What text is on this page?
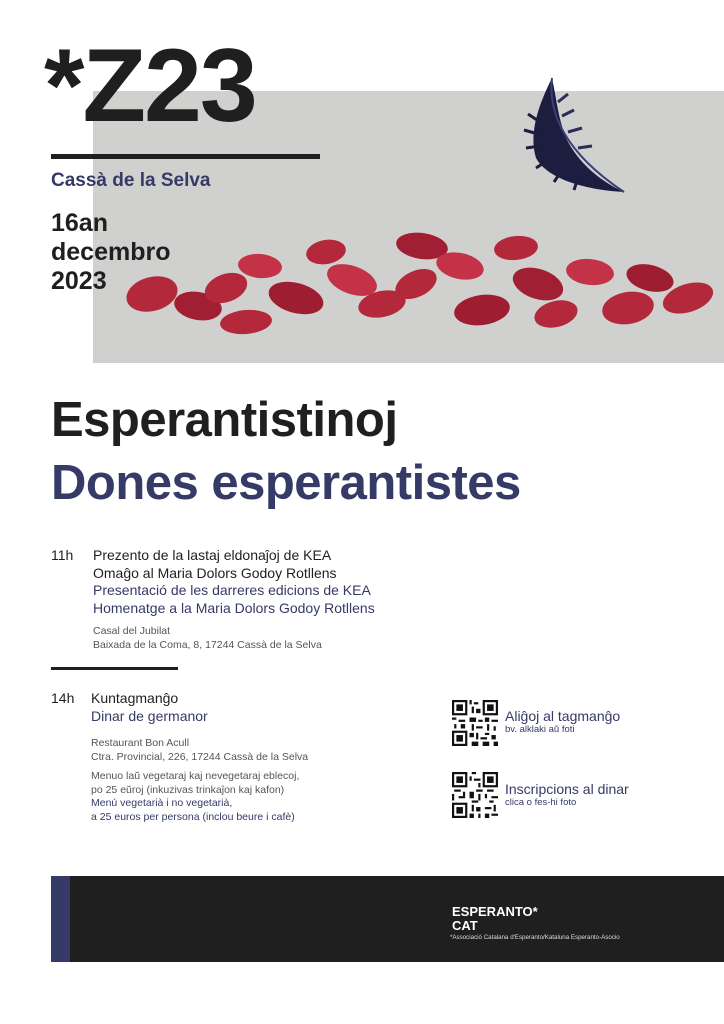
*Z23
Cassà de la Selva
16an
decembro
2023
Esperantistinoj
Dones esperantistes
11h Prezento de la lastaj eldonaĵoj de KEA
Omaĝo al Maria Dolors Godoy Rotllens
Presentació de les darreres edicions de KEA
Homenatge a la Maria Dolors Godoy Rotllens
Casal del Jubilat
Baixada de la Coma, 8, 17244 Cassà de la Selva
14h Kuntagmanĝo
Dinar de germanor
Restaurant Bon Acull
Ctra. Provincial, 226, 17244 Cassà de la Selva
Menuo laŭ vegetaraj kaj nevegetaraj eblecoj,
po 25 eŭroj (inkuzivas trinkaĵon kaj kafon)
Menú vegetarià i no vegetarià,
a 25 euros per persona (inclou beure i cafè)
Aliĝoj al tagmanĝo
bv. alklaki aŭ foti
Inscripcions al dinar
clica o fes-hi foto
ESPERANTO*
CAT
*Associació Catalana d'Esperanto/Kataluna Esperanto-Asocio
